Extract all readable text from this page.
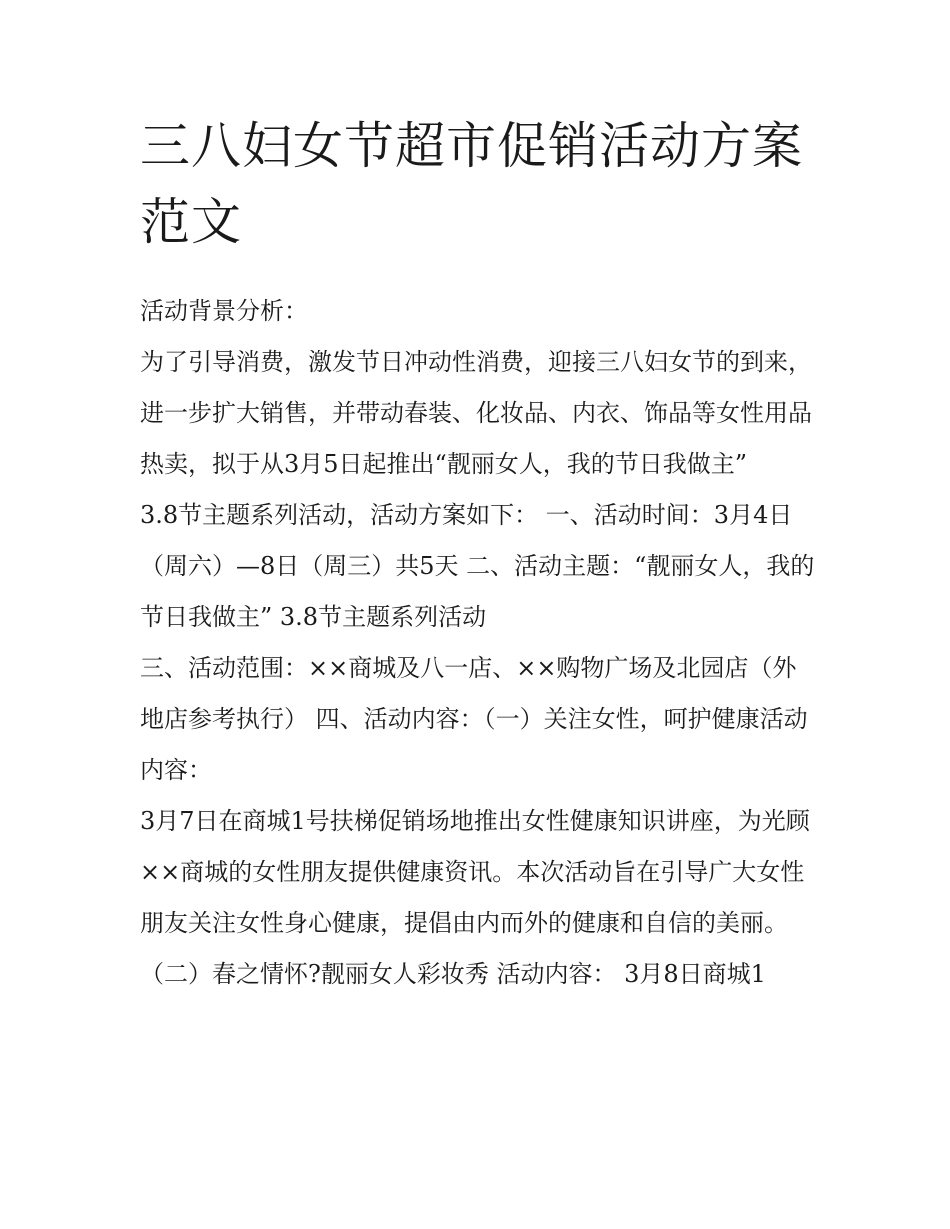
三八妇女节超市促销活动方案范文

活动背景分析：

为了引导消费，激发节日冲动性消费，迎接三八妇女节的到来，进一步扩大销售，并带动春装、化妆品、内衣、饰品等女性用品热卖，拟于从3月5日起推出“靓丽女人，我的节日我做主”

3.8节主题系列活动，活动方案如下： 一、活动时间：3月4日（周六）—8日（周三）共5天 二、活动主题：“靓丽女人，我的节日我做主” 3.8节主题系列活动

三、活动范围：××商城及八一店、××购物广场及北园店（外地店参考执行） 四、活动内容：（一）关注女性，呵护健康活动内容：

3月7日在商城1号扶梯促销场地推出女性健康知识讲座，为光顾××商城的女性朋友提供健康资讯。本次活动旨在引导广大女性朋友关注女性身心健康，提倡由内而外的健康和自信的美丽。

（二）春之情怀?靓丽女人彩妆秀 活动内容： 3月8日商城1
